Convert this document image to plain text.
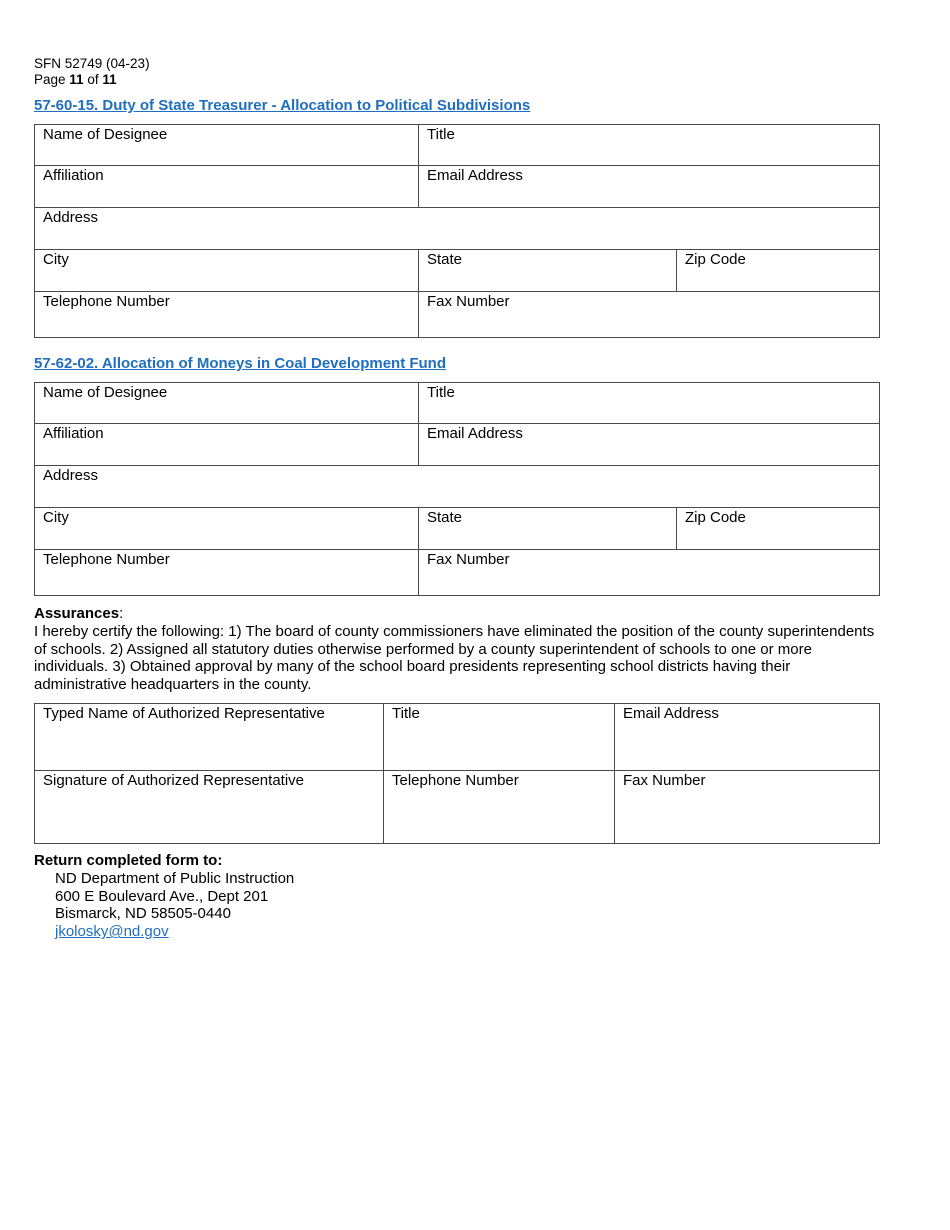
SFN 52749 (04-23)
Page 11 of 11
57-60-15. Duty of State Treasurer - Allocation to Political Subdivisions
Name of Designee	Title	
Affiliation	Email Address	
Address		
City	State	Zip Code
Telephone Number	Fax Number	
57-62-02. Allocation of Moneys in Coal Development Fund
Name of Designee	Title	
Affiliation	Email Address	
Address		
City	State	Zip Code
Telephone Number	Fax Number	
Assurances:
I hereby certify the following: 1) The board of county commissioners have eliminated the position of the county superintendents of schools. 2) Assigned all statutory duties otherwise performed by a county superintendent of schools to one or more individuals. 3) Obtained approval by many of the school board presidents representing school districts having their administrative headquarters in the county.
Typed Name of Authorized Representative	Title	Email Address
Signature of Authorized Representative	Telephone Number	Fax Number
Return completed form to:
ND Department of Public Instruction
600 E Boulevard Ave., Dept 201
Bismarck, ND 58505-0440
jkolosky@nd.gov
